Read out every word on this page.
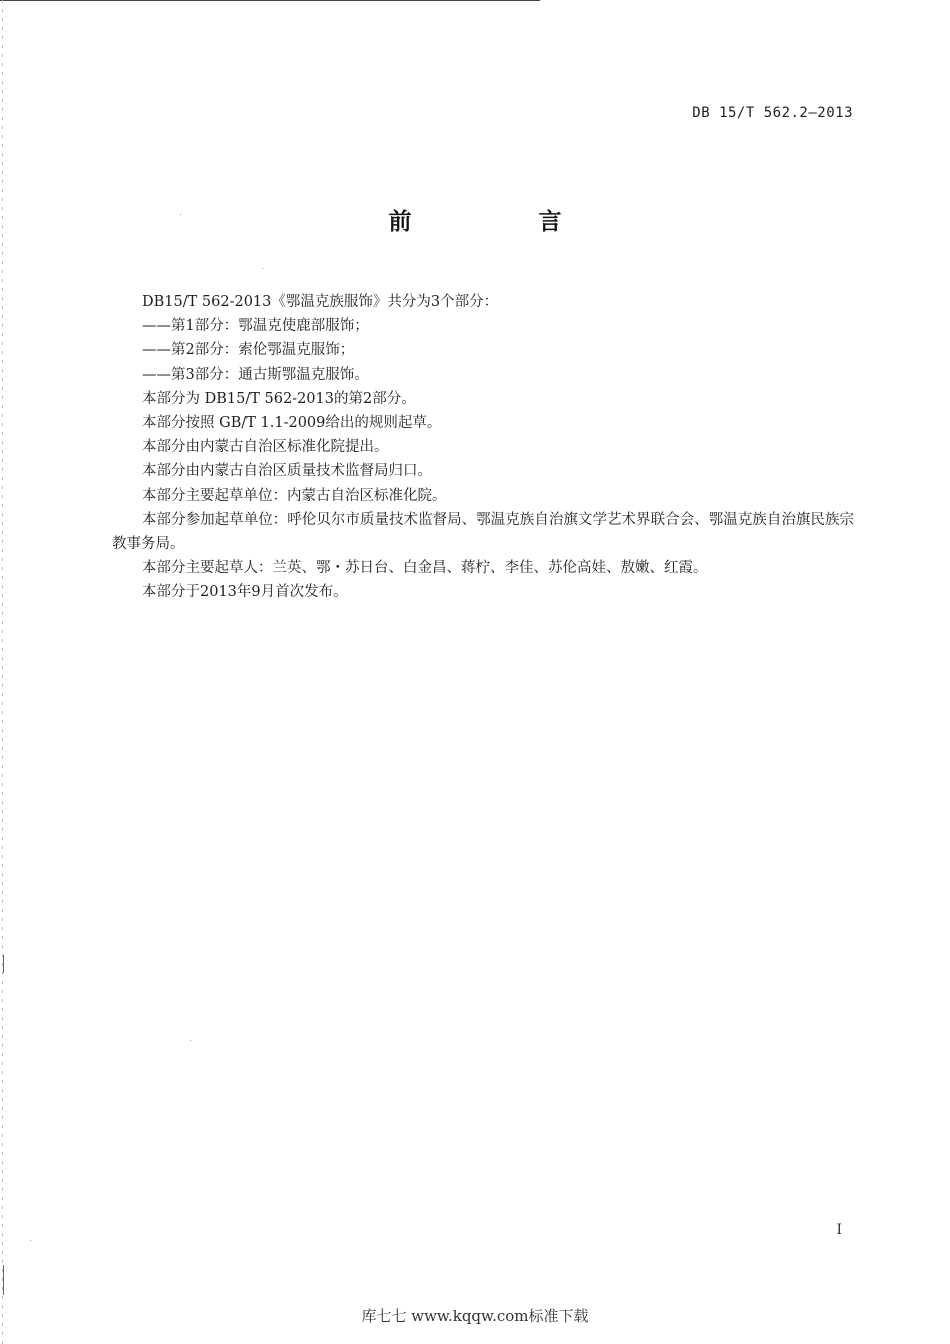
DB 15/T 562.2—2013
前　言

DB15/T 562-2013《鄂温克族服饰》共分为3个部分：

——第1部分：鄂温克使鹿部服饰；

——第2部分：索伦鄂温克服饰；

——第3部分：通古斯鄂温克服饰。

本部分为 DB15/T 562-2013的第2部分。

本部分按照 GB/T 1.1-2009给出的规则起草。

本部分由内蒙古自治区标准化院提出。

本部分由内蒙古自治区质量技术监督局归口。

本部分主要起草单位：内蒙古自治区标准化院。

本部分参加起草单位：呼伦贝尔市质量技术监督局、鄂温克族自治旗文学艺术界联合会、鄂温克族自治旗民族宗教事务局。

本部分主要起草人：兰英、鄂・苏日台、白金昌、蒋柠、李佳、苏伦高娃、敖嫩、红霞。

本部分于2013年9月首次发布。

I
库七七 www.kqqw.com标准下载
